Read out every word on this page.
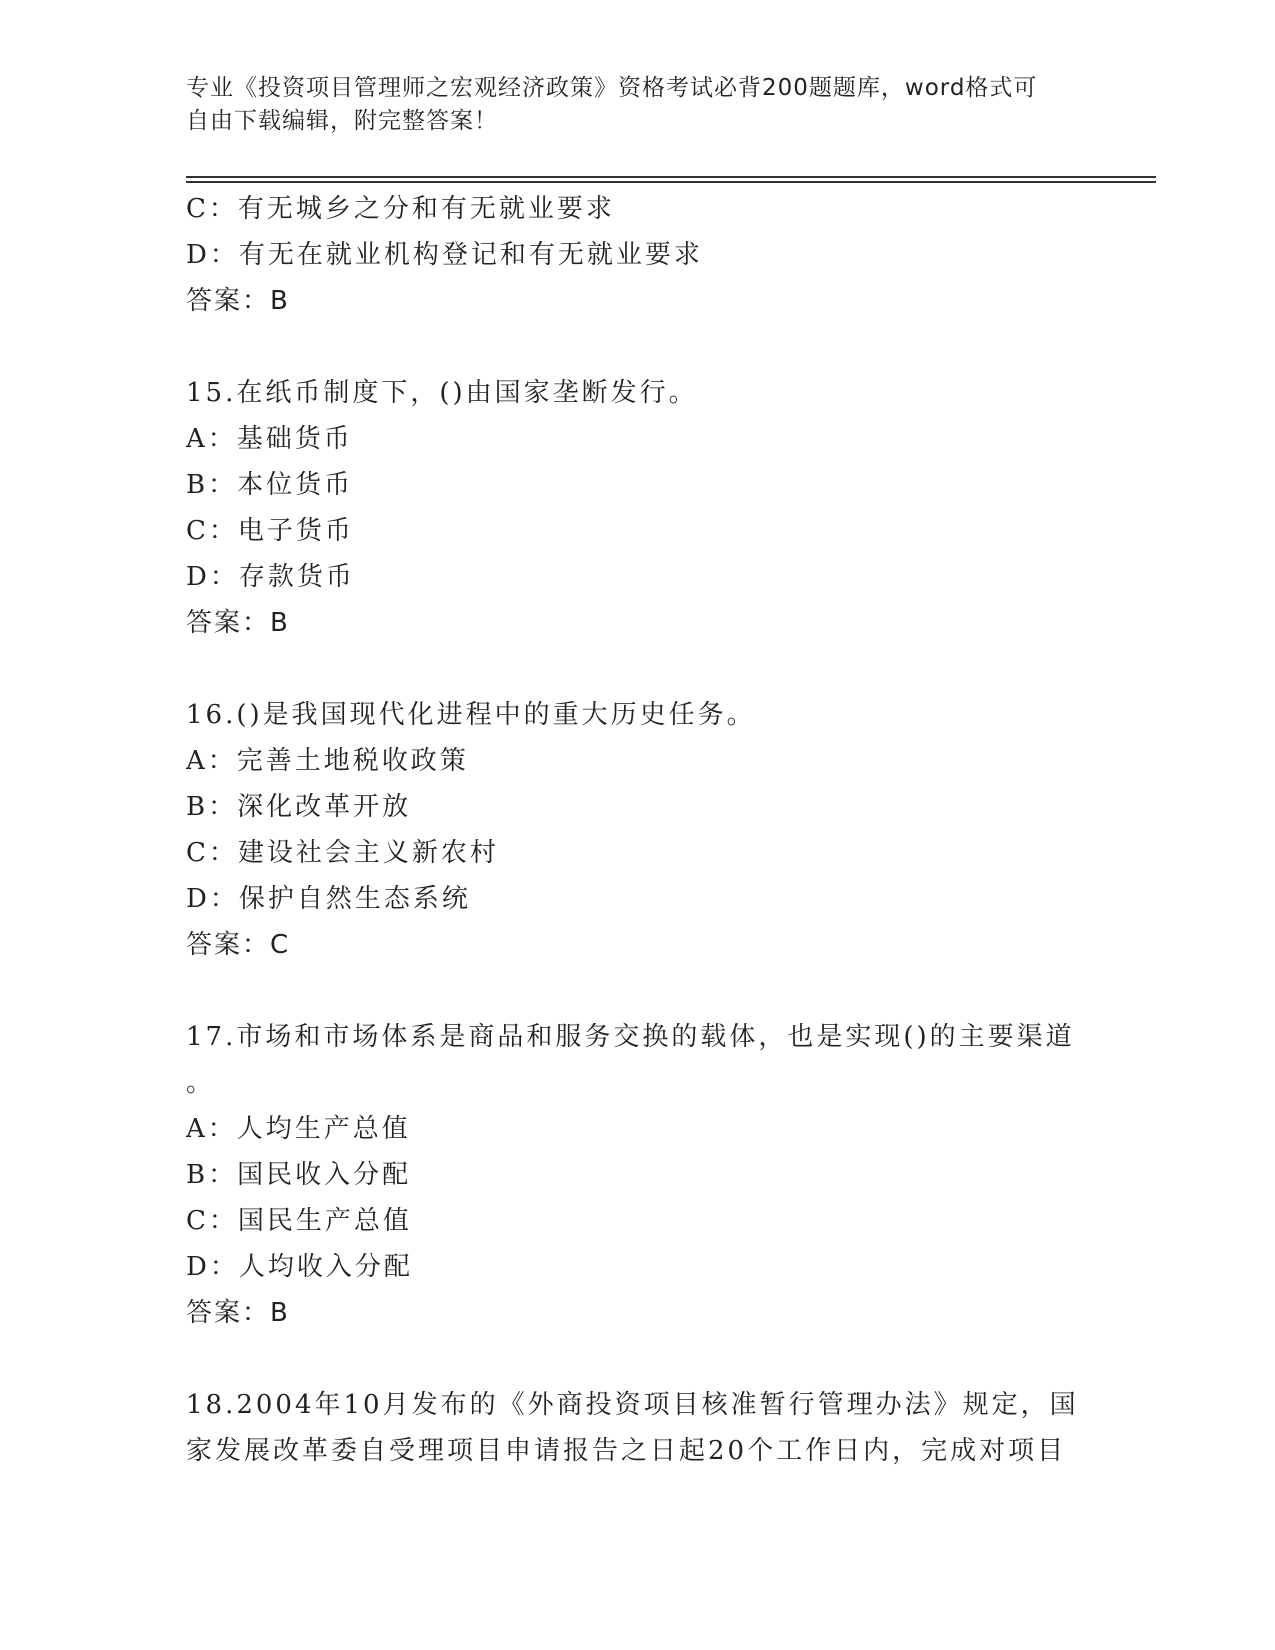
专业《投资项目管理师之宏观经济政策》资格考试必背200题题库，word格式可
自由下载编辑，附完整答案！
C：有无城乡之分和有无就业要求
D：有无在就业机构登记和有无就业要求
答案：B
15.在纸币制度下，()由国家垄断发行。
A：基础货币
B：本位货币
C：电子货币
D：存款货币
答案：B
16.()是我国现代化进程中的重大历史任务。
A：完善土地税收政策
B：深化改革开放
C：建设社会主义新农村
D：保护自然生态系统
答案：C
17.市场和市场体系是商品和服务交换的载体，也是实现()的主要渠道
。
A：人均生产总值
B：国民收入分配
C：国民生产总值
D：人均收入分配
答案：B
18.2004年10月发布的《外商投资项目核准暂行管理办法》规定，国
家发展改革委自受理项目申请报告之日起20个工作日内，完成对项目
